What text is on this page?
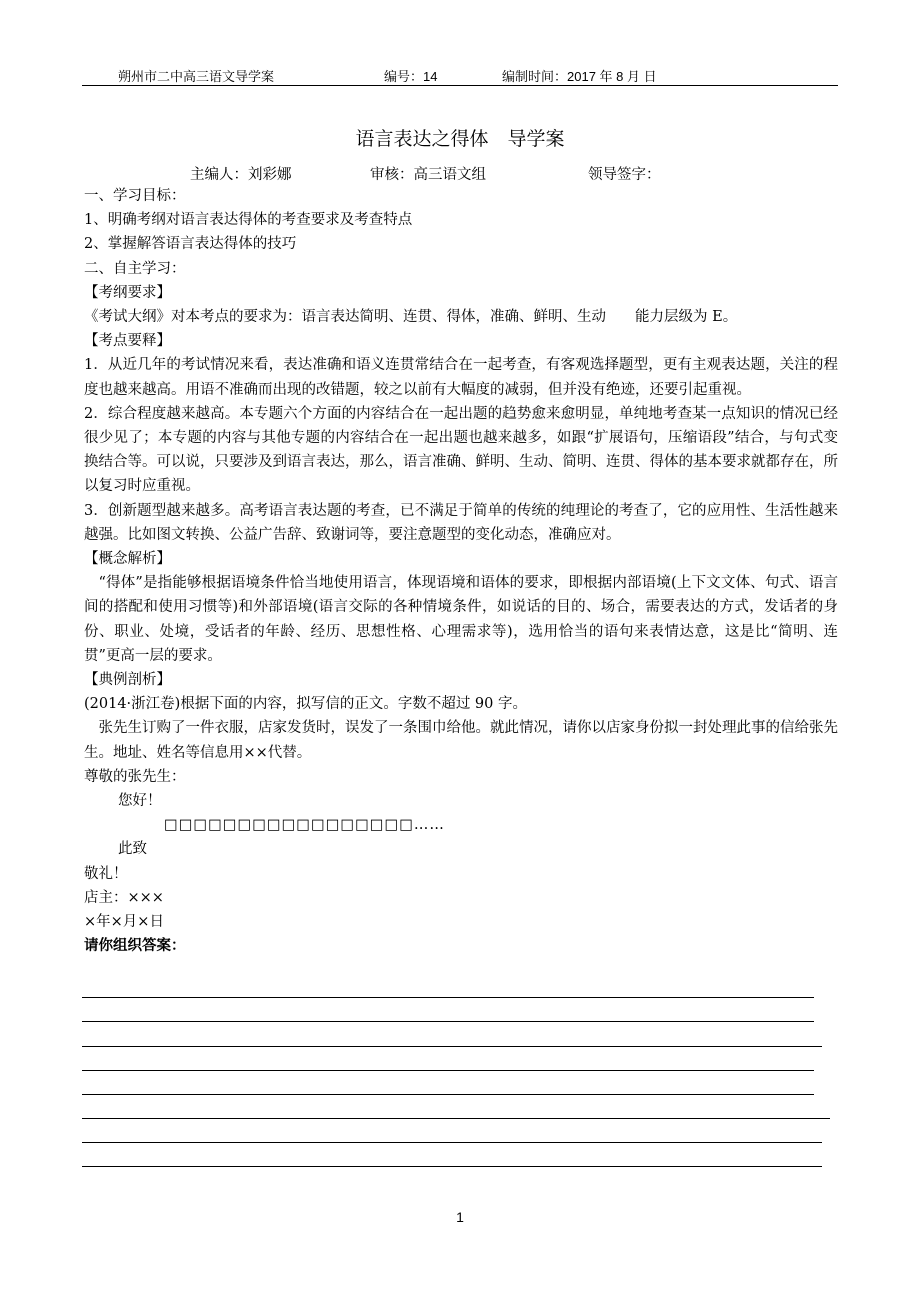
朔州市二中高三语文导学案	编号：14	编制时间：2017 年 8 月 日
语言表达之得体　导学案
主编人：刘彩娜	审核：高三语文组	领导签字：

一、学习目标：

1、明确考纲对语言表达得体的考查要求及考查特点

2、掌握解答语言表达得体的技巧

二、自主学习：

【考纲要求】

《考试大纲》对本考点的要求为：语言表达简明、连贯、得体，准确、鲜明、生动　　能力层级为 E。

【考点要释】

1．从近几年的考试情况来看，表达准确和语义连贯常结合在一起考查，有客观选择题型，更有主观表达题，关注的程度也越来越高。用语不准确而出现的改错题，较之以前有大幅度的减弱，但并没有绝迹，还要引起重视。

2．综合程度越来越高。本专题六个方面的内容结合在一起出题的趋势愈来愈明显，单纯地考查某一点知识的情况已经很少见了；本专题的内容与其他专题的内容结合在一起出题也越来越多，如跟“扩展语句，压缩语段”结合，与句式变换结合等。可以说，只要涉及到语言表达，那么，语言准确、鲜明、生动、简明、连贯、得体的基本要求就都存在，所以复习时应重视。

3．创新题型越来越多。高考语言表达题的考查，已不满足于简单的传统的纯理论的考查了，它的应用性、生活性越来越强。比如图文转换、公益广告辞、致谢词等，要注意题型的变化动态，准确应对。

【概念解析】

“得体”是指能够根据语境条件恰当地使用语言，体现语境和语体的要求，即根据内部语境(上下文文体、句式、语言间的搭配和使用习惯等)和外部语境(语言交际的各种情境条件，如说话的目的、场合，需要表达的方式，发话者的身份、职业、处境，受话者的年龄、经历、思想性格、心理需求等)，选用恰当的语句来表情达意，这是比“简明、连贯”更高一层的要求。

【典例剖析】

(2014·浙江卷)根据下面的内容，拟写信的正文。字数不超过 90 字。

张先生订购了一件衣服，店家发货时，误发了一条围巾给他。就此情况，请你以店家身份拟一封处理此事的信给张先生。地址、姓名等信息用××代替。

尊敬的张先生：

您好！

□□□□□□□□□□□□□□□□□……

此致

敬礼！

店主：×××

×年×月×日

请你组织答案：

1
